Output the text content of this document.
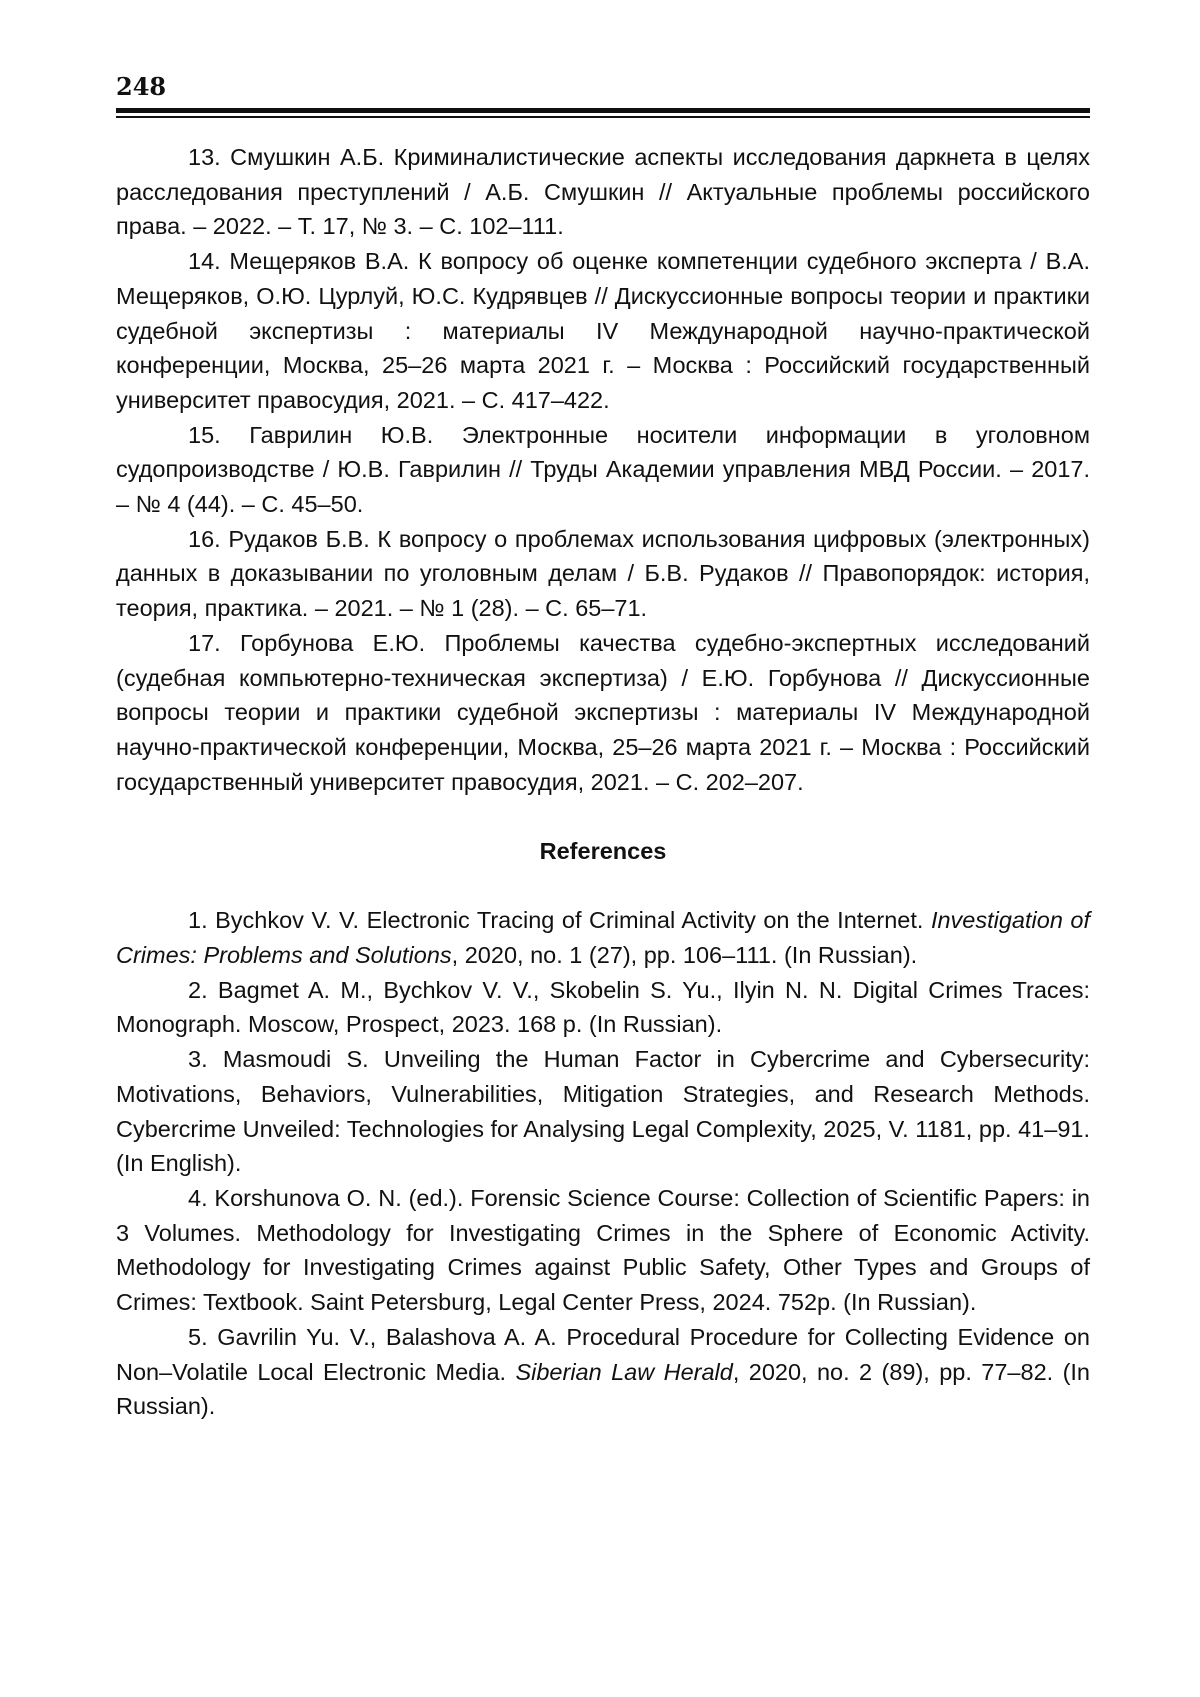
248

13. Смушкин А.Б. Криминалистические аспекты исследования даркнета в целях расследования преступлений / А.Б. Смушкин // Актуальные проблемы российского права. – 2022. – Т. 17, № 3. – С. 102–111.

14. Мещеряков В.А. К вопросу об оценке компетенции судебного эксперта / В.А. Мещеряков, О.Ю. Цурлуй, Ю.С. Кудрявцев // Дискуссионные вопросы теории и практики судебной экспертизы : материалы IV Международной научно-практической конференции, Москва, 25–26 марта 2021 г. – Москва : Российский государственный университет правосудия, 2021. – С. 417–422.

15. Гаврилин Ю.В. Электронные носители информации в уголовном судопроизводстве / Ю.В. Гаврилин // Труды Академии управления МВД России. – 2017. – № 4 (44). – С. 45–50.

16. Рудаков Б.В. К вопросу о проблемах использования цифровых (электронных) данных в доказывании по уголовным делам / Б.В. Рудаков // Правопорядок: история, теория, практика. – 2021. – № 1 (28). – С. 65–71.

17. Горбунова Е.Ю. Проблемы качества судебно-экспертных исследований (судебная компьютерно-техническая экспертиза) / Е.Ю. Горбунова // Дискуссионные вопросы теории и практики судебной экспертизы : материалы IV Международной научно-практической конференции, Москва, 25–26 марта 2021 г. – Москва : Российский государственный университет правосудия, 2021. – С. 202–207.

References

1. Bychkov V. V. Electronic Tracing of Criminal Activity on the Internet. Investigation of Crimes: Problems and Solutions, 2020, no. 1 (27), pp. 106–111. (In Russian).

2. Bagmet A. M., Bychkov V. V., Skobelin S. Yu., Ilyin N. N. Digital Crimes Traces: Monograph. Moscow, Prospect, 2023. 168 p. (In Russian).

3. Masmoudi S. Unveiling the Human Factor in Cybercrime and Cybersecurity: Motivations, Behaviors, Vulnerabilities, Mitigation Strategies, and Research Methods. Cybercrime Unveiled: Technologies for Analysing Legal Complexity, 2025, V. 1181, pp. 41–91. (In English).

4. Korshunova O. N. (ed.). Forensic Science Course: Collection of Scientific Papers: in 3 Volumes. Methodology for Investigating Crimes in the Sphere of Economic Activity. Methodology for Investigating Crimes against Public Safety, Other Types and Groups of Crimes: Textbook. Saint Petersburg, Legal Center Press, 2024. 752p. (In Russian).

5. Gavrilin Yu. V., Balashova A. A. Procedural Procedure for Collecting Evidence on Non–Volatile Local Electronic Media. Siberian Law Herald, 2020, no. 2 (89), pp. 77–82. (In Russian).
